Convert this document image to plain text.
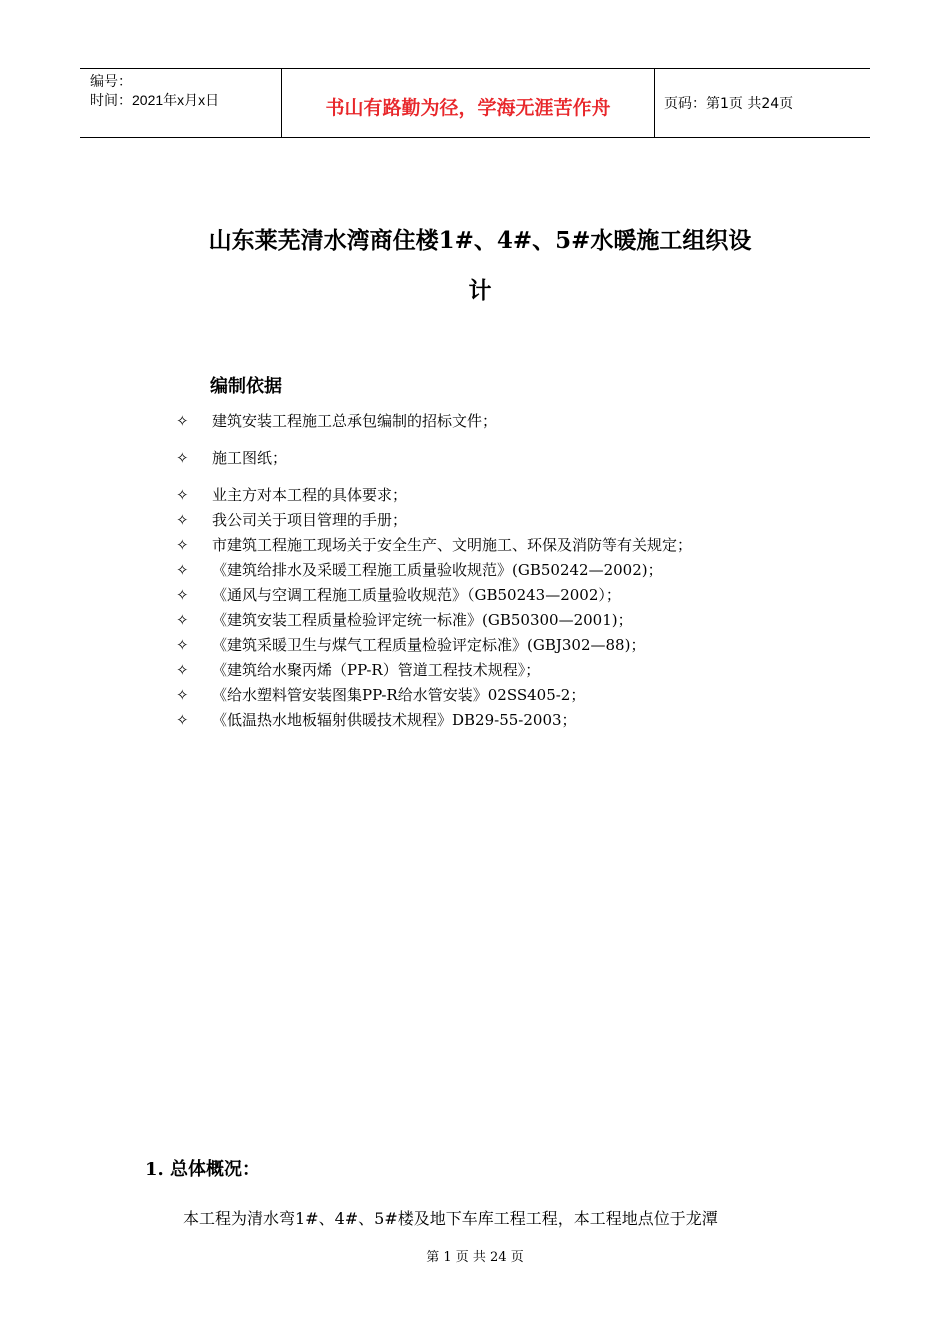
编号：
时间：2021年x月x日	书山有路勤为径，学海无涯苦作舟	页码：第1页 共24页
山东莱芜清水湾商住楼1#、4#、5#水暖施工组织设
计
编制依据
✧ 建筑安装工程施工总承包编制的招标文件；
✧ 施工图纸；
✧ 业主方对本工程的具体要求；
✧ 我公司关于项目管理的手册；
✧ 市建筑工程施工现场关于安全生产、文明施工、环保及消防等有关规定；
✧ 《建筑给排水及采暖工程施工质量验收规范》(GB50242—2002)；
✧ 《通风与空调工程施工质量验收规范》（GB50243—2002）；
✧ 《建筑安装工程质量检验评定统一标准》(GB50300—2001)；
✧ 《建筑采暖卫生与煤气工程质量检验评定标准》(GBJ302—88)；
✧ 《建筑给水聚丙烯（PP-R）管道工程技术规程》；
✧ 《给水塑料管安装图集PP-R给水管安装》02SS405-2；
✧ 《低温热水地板辐射供暖技术规程》DB29-55-2003；
1. 总体概况：
本工程为清水弯1#、4#、5#楼及地下车库工程工程，本工程地点位于龙潭
第 1 页 共 24 页
